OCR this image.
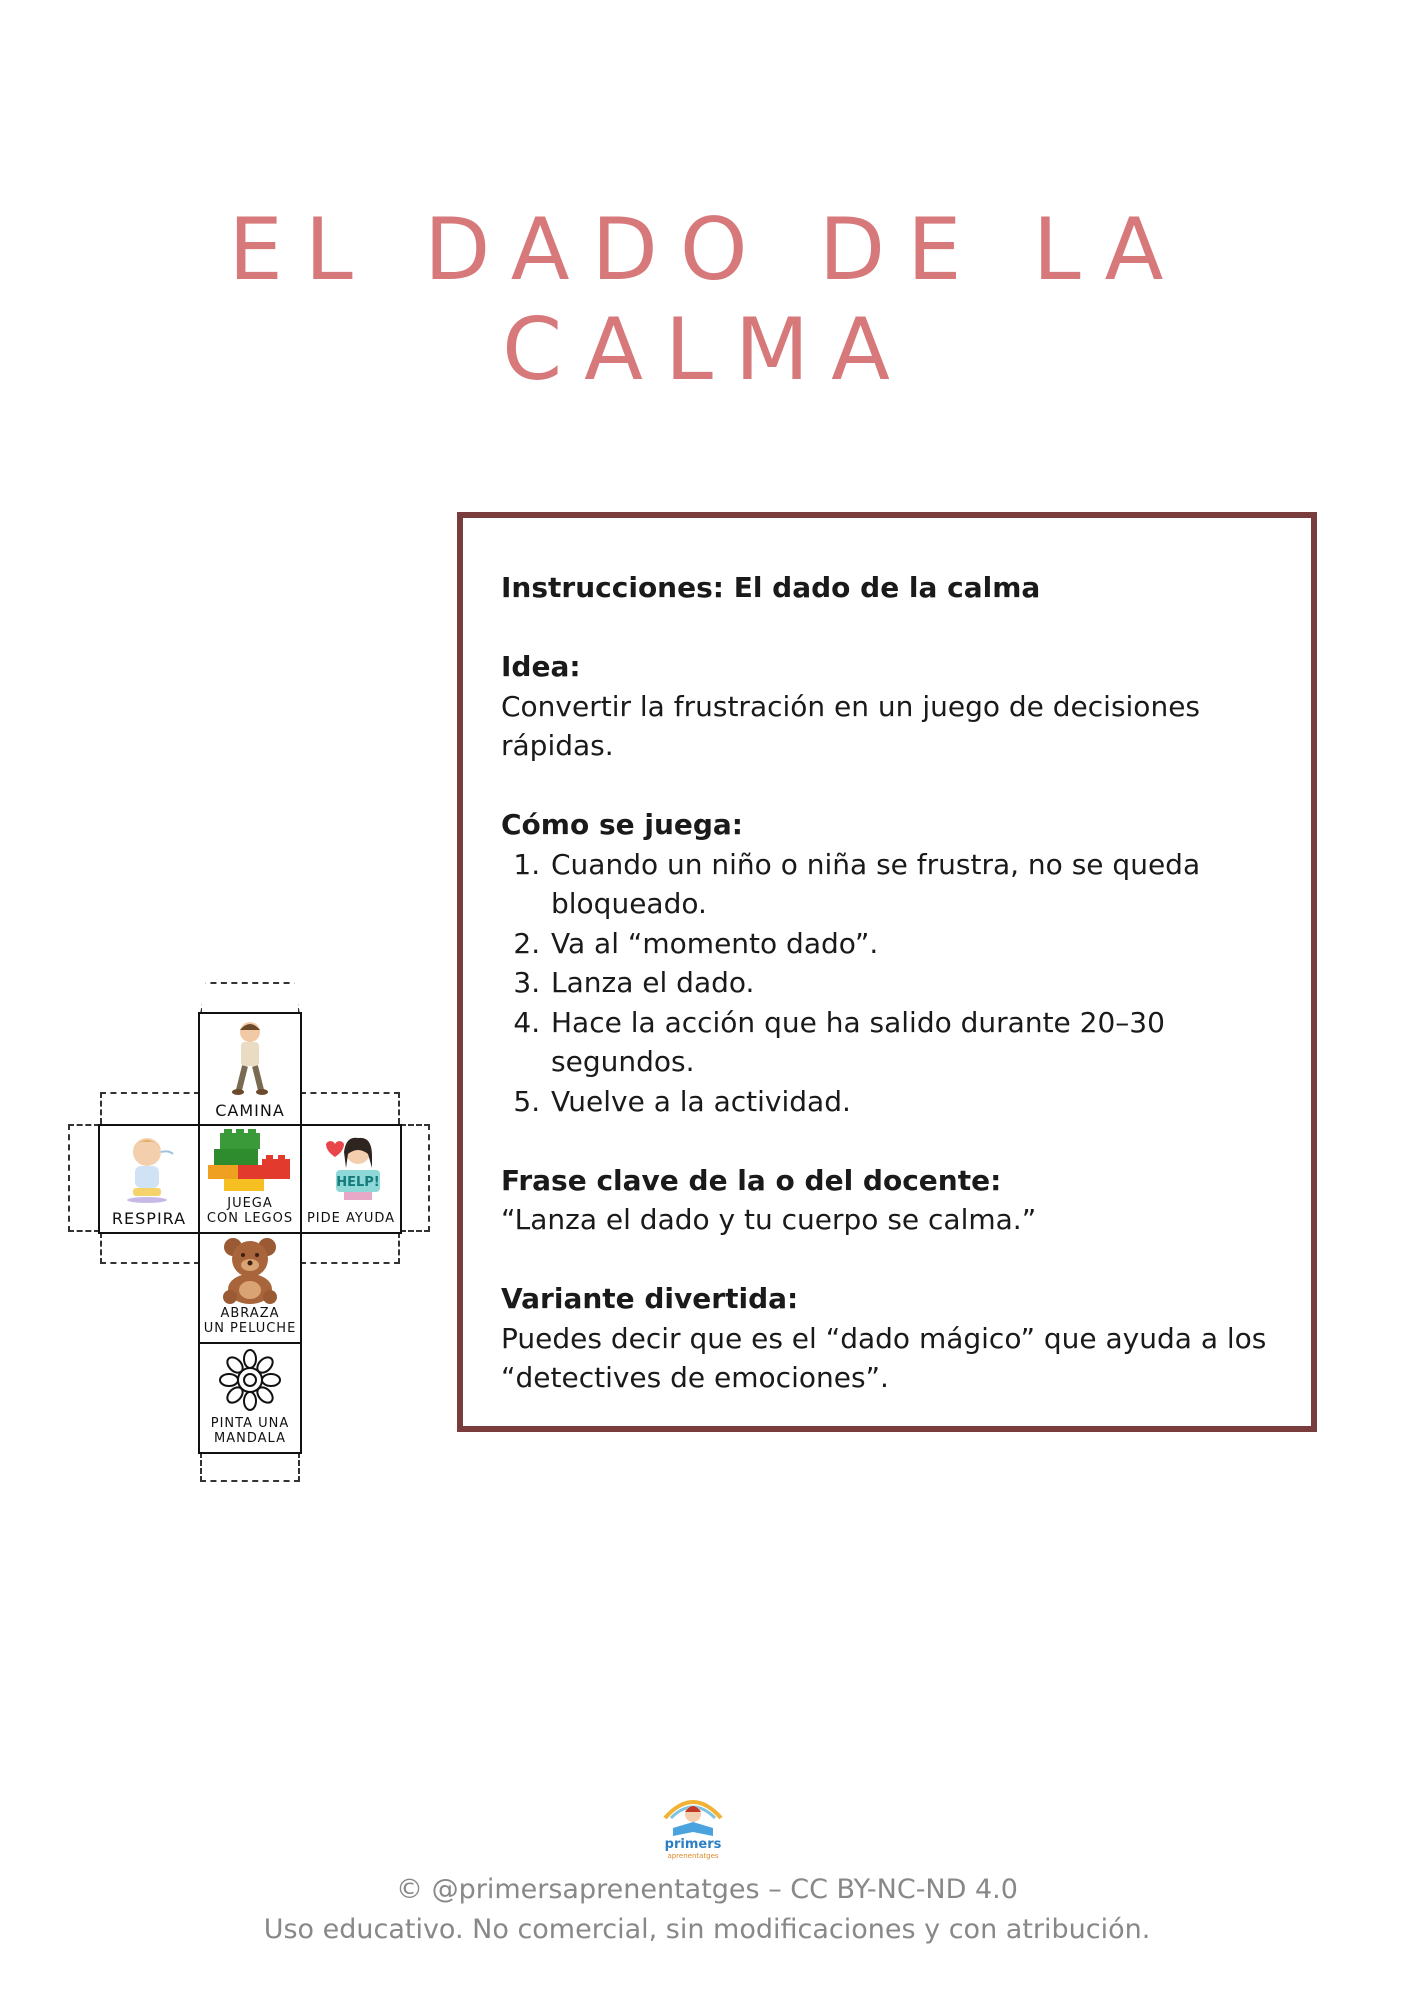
EL DADO DE LA CALMA
CAMINA
RESPIRA
JUEGA
CON LEGOS
HELP!
PIDE AYUDA
ABRAZA
UN PELUCHE
PINTA UNA
MANDALA

Instrucciones: El dado de la calma

Idea:

Convertir la frustración en un juego de decisiones rápidas.

Cómo se juega:

1. Cuando un niño o niña se frustra, no se queda bloqueado.
2. Va al “momento dado”.
3. Lanza el dado.
4. Hace la acción que ha salido durante 20–30 segundos.
5. Vuelve a la actividad.

Frase clave de la o del docente:

“Lanza el dado y tu cuerpo se calma.”

Variante divertida:

Puedes decir que es el “dado mágico” que ayuda a los “detectives de emociones”.

primers
aprenentatges
© @primersaprenentatges – CC BY-NC-ND 4.0
Uso educativo. No comercial, sin modificaciones y con atribución.
